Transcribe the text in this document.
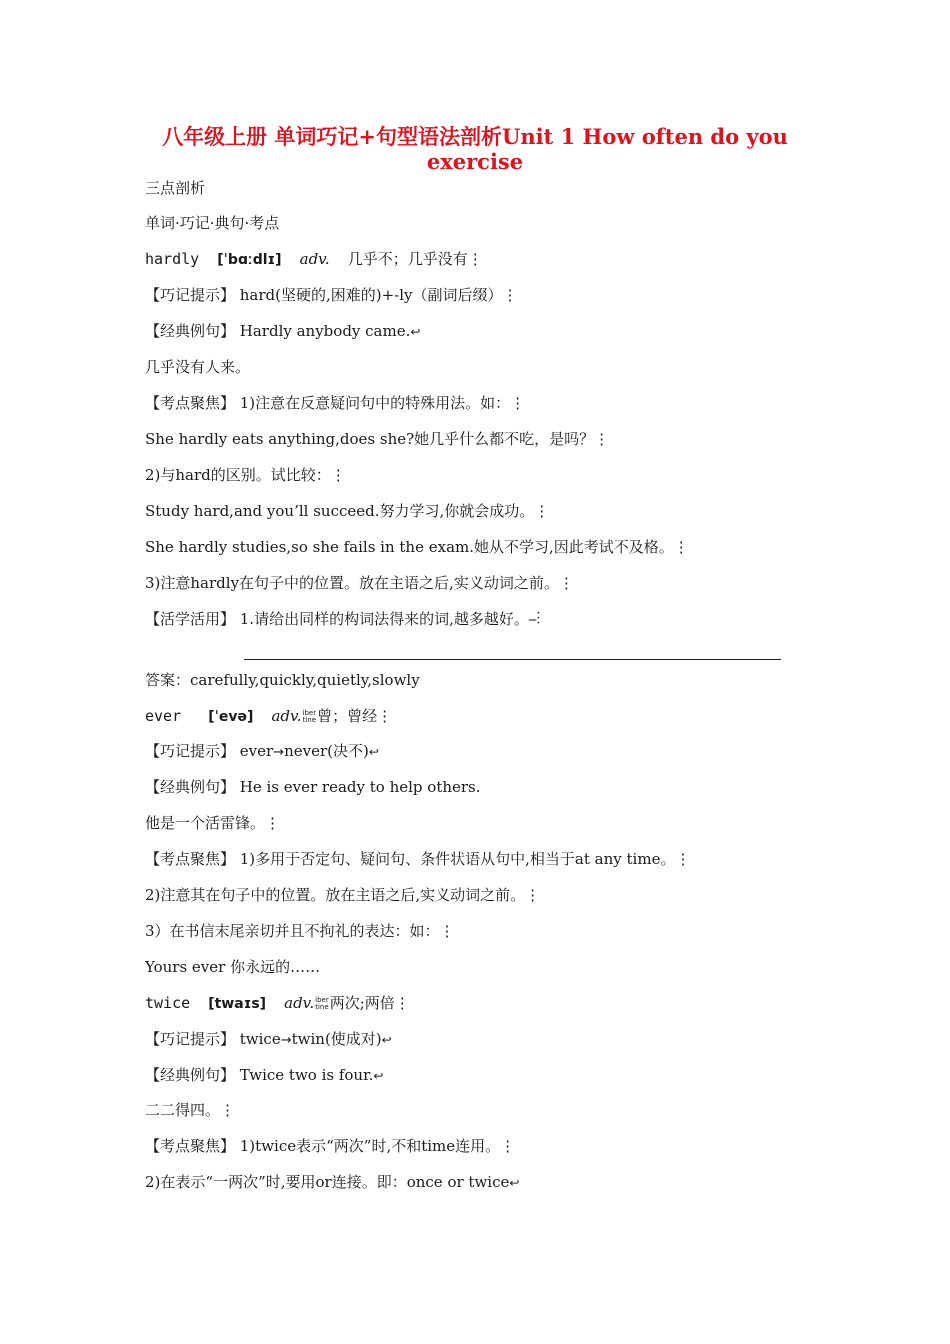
八年级上册 单词巧记+句型语法剖析Unit 1 How often do you
exercise
三点剖析
单词·巧记·典句·考点
hardly [ˈbɑːdlɪ] adv. 几乎不；几乎没有⋮
【巧记提示】 hard(坚硬的,困难的)+-ly（副词后缀）⋮
【经典例句】 Hardly anybody came.↩
几乎没有人来。
【考点聚焦】 1)注意在反意疑问句中的特殊用法。如：⋮
She hardly eats anything,does she?她几乎什么都不吃，是吗？⋮
2)与hard的区别。试比较：⋮
Study hard,and you’ll succeed.努力学习,你就会成功。⋮
She hardly studies,so she fails in the exam.她从不学习,因此考试不及格。⋮
3)注意hardly在句子中的位置。放在主语之后,实义动词之前。⋮
【活学活用】 1.请给出同样的构词法得来的词,越多越好。⎯⋮
答案：carefully,quickly,quietly,slowly
ever [ˈevə] adv.iber
tine曾；曾经⋮
【巧记提示】 ever→never(决不)↩
【经典例句】 He is ever ready to help others.
他是一个活雷锋。⋮
【考点聚焦】 1)多用于否定句、疑问句、条件状语从句中,相当于at any time。⋮
2)注意其在句子中的位置。放在主语之后,实义动词之前。⋮
3）在书信末尾亲切并且不拘礼的表达：如：⋮
Yours ever 你永远的……
twice [twaɪs] adv.iber
tine两次;两倍⋮
【巧记提示】 twice→twin(使成对)↩
【经典例句】 Twice two is four.↩
二二得四。⋮
【考点聚焦】 1)twice表示“两次”时,不和time连用。⋮
2)在表示“一两次”时,要用or连接。即：once or twice↩
